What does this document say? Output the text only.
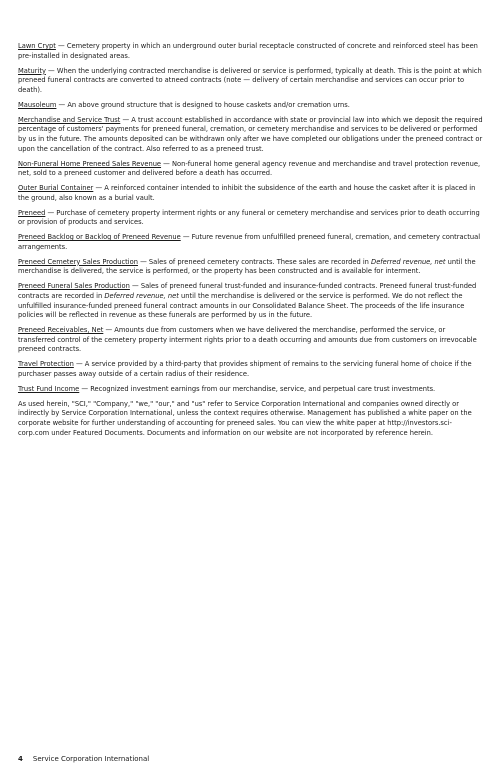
Lawn Crypt — Cemetery property in which an underground outer burial receptacle constructed of concrete and reinforced steel has been pre-installed in designated areas.

Maturity — When the underlying contracted merchandise is delivered or service is performed, typically at death. This is the point at which preneed funeral contracts are converted to atneed contracts (note — delivery of certain merchandise and services can occur prior to death).

Mausoleum — An above ground structure that is designed to house caskets and/or cremation urns.

Merchandise and Service Trust — A trust account established in accordance with state or provincial law into which we deposit the required percentage of customers' payments for preneed funeral, cremation, or cemetery merchandise and services to be delivered or performed by us in the future. The amounts deposited can be withdrawn only after we have completed our obligations under the preneed contract or upon the cancellation of the contract. Also referred to as a preneed trust.

Non-Funeral Home Preneed Sales Revenue — Non-funeral home general agency revenue and merchandise and travel protection revenue, net, sold to a preneed customer and delivered before a death has occurred.

Outer Burial Container — A reinforced container intended to inhibit the subsidence of the earth and house the casket after it is placed in the ground, also known as a burial vault.

Preneed — Purchase of cemetery property interment rights or any funeral or cemetery merchandise and services prior to death occurring or provision of products and services.

Preneed Backlog or Backlog of Preneed Revenue — Future revenue from unfulfilled preneed funeral, cremation, and cemetery contractual arrangements.

Preneed Cemetery Sales Production — Sales of preneed cemetery contracts. These sales are recorded in Deferred revenue, net until the merchandise is delivered, the service is performed, or the property has been constructed and is available for interment.

Preneed Funeral Sales Production — Sales of preneed funeral trust-funded and insurance-funded contracts. Preneed funeral trust-funded contracts are recorded in Deferred revenue, net until the merchandise is delivered or the service is performed. We do not reflect the unfulfilled insurance-funded preneed funeral contract amounts in our Consolidated Balance Sheet. The proceeds of the life insurance policies will be reflected in revenue as these funerals are performed by us in the future.

Preneed Receivables, Net — Amounts due from customers when we have delivered the merchandise, performed the service, or transferred control of the cemetery property interment rights prior to a death occurring and amounts due from customers on irrevocable preneed contracts.

Travel Protection — A service provided by a third-party that provides shipment of remains to the servicing funeral home of choice if the purchaser passes away outside of a certain radius of their residence.

Trust Fund Income — Recognized investment earnings from our merchandise, service, and perpetual care trust investments.

As used herein, "SCI," "Company," "we," "our," and "us" refer to Service Corporation International and companies owned directly or indirectly by Service Corporation International, unless the context requires otherwise. Management has published a white paper on the corporate website for further understanding of accounting for preneed sales. You can view the white paper at http://investors.sci-corp.com under Featured Documents. Documents and information on our website are not incorporated by reference herein.

4 Service Corporation International
